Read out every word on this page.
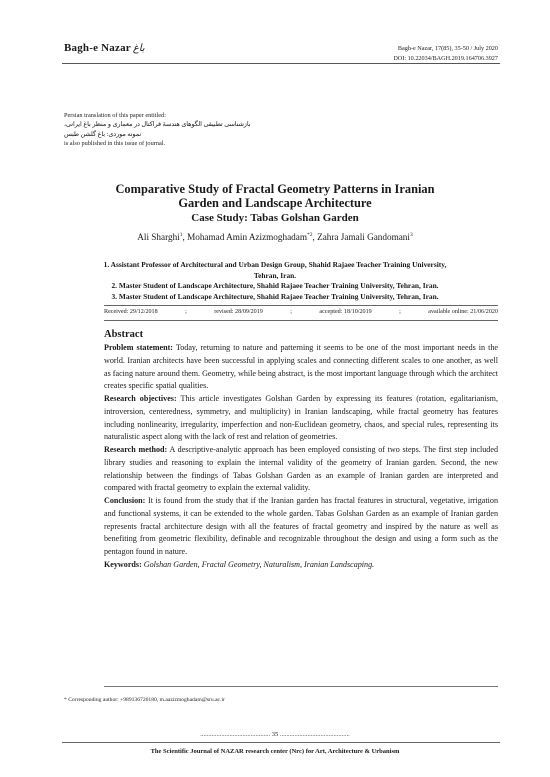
Bagh-e Nazar باغ	Bagh-e Nazar, 17(85), 35-50 / July 2020
DOI: 10.22034/BAGH.2019.164706.3927
Persian translation of this paper entitled:
بازشناسی تطبیقی الگوهای هندسهٔ فراکتال در معماری و منظر باغ ایرانی،
نمونه موردی: باغ گلشن طبس
is also published in this issue of journal.
Comparative Study of Fractal Geometry Patterns in Iranian
Garden and Landscape Architecture
Case Study: Tabas Golshan Garden
Ali Sharghi$^1$, Mohamad Amin Azizmoghadam$^{*2}$, Zahra Jamali Gandomani$^3$
1. Assistant Professor of Architectural and Urban Design Group, Shahid Rajaee Teacher Training University, Tehran, Iran.
2. Master Student of Landscape Architecture, Shahid Rajaee Teacher Training University, Tehran, Iran.
3. Master Student of Landscape Architecture, Shahid Rajaee Teacher Training University, Tehran, Iran.
Received: 29/12/2018	;	revised: 28/09/2019	;	accepted: 18/10/2019	;	available online: 21/06/2020
Abstract

Problem statement: Today, returning to nature and patterning it seems to be one of the most important needs in the world. Iranian architects have been successful in applying scales and connecting different scales to one another, as well as facing nature around them. Geometry, while being abstract, is the most important language through which the architect creates specific spatial qualities.

Research objectives: This article investigates Golshan Garden by expressing its features (rotation, egalitarianism, introversion, centeredness, symmetry, and multiplicity) in Iranian landscaping, while fractal geometry has features including nonlinearity, irregularity, imperfection and non-Euclidean geometry, chaos, and special rules, representing its naturalistic aspect along with the lack of rest and relation of geometries.

Research method: A descriptive-analytic approach has been employed consisting of two steps. The first step included library studies and reasoning to explain the internal validity of the geometry of Iranian garden. Second, the new relationship between the findings of Tabas Golshan Garden as an example of Iranian garden are interpreted and compared with fractal geometry to explain the external validity.

Conclusion: It is found from the study that if the Iranian garden has fractal features in structural, vegetative, irrigation and functional systems, it can be extended to the whole garden. Tabas Golshan Garden as an example of Iranian garden represents fractal architecture design with all the features of fractal geometry and inspired by the nature as well as benefiting from geometric flexibility, definable and recognizable throughout the design and using a form such as the pentagon found in nature.

Keywords: Golshan Garden, Fractal Geometry, Naturalism, Iranian Landscaping.

* Corresponding author: +989136726180, m.aazizmoghadam@sru.ac.ir
........................................... 35 ...........................................
The Scientific Journal of NAZAR research center (Nrc) for Art, Architecture & Urbanism
